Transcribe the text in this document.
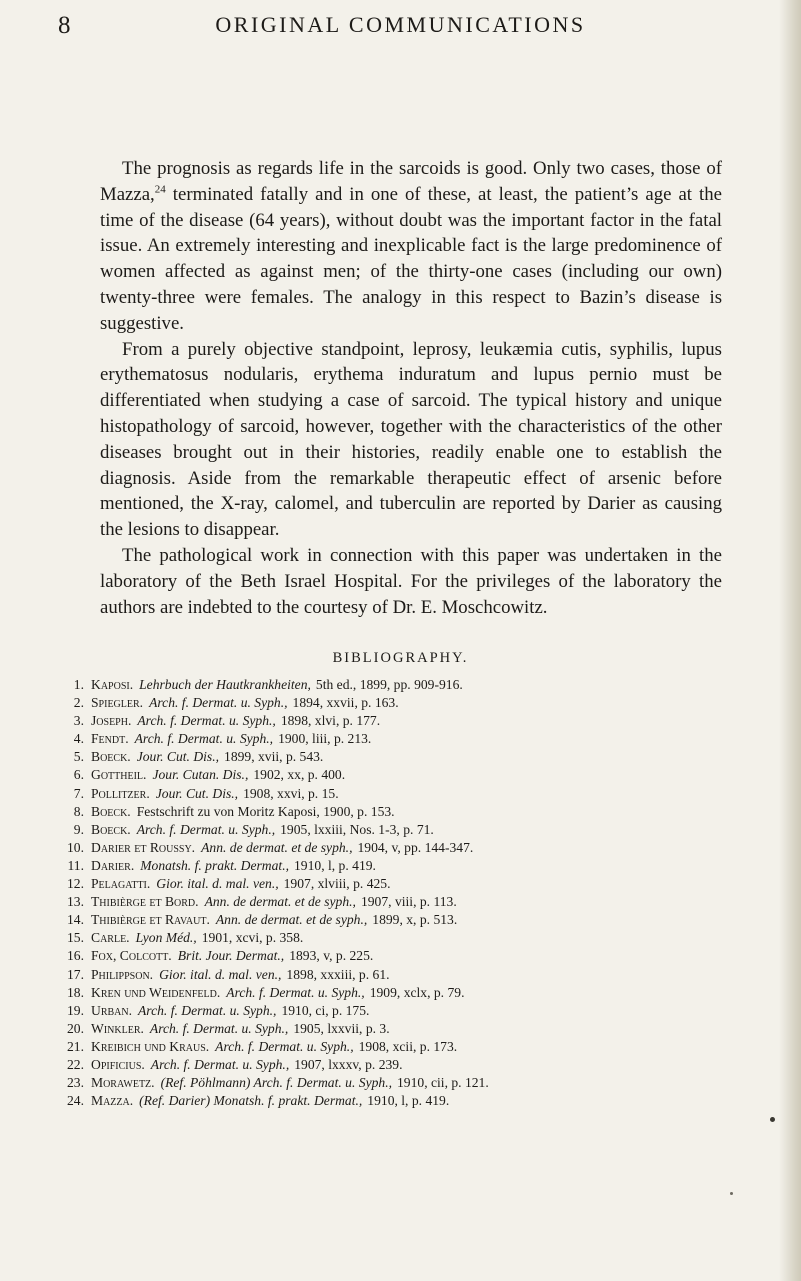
8	ORIGINAL COMMUNICATIONS

The prognosis as regards life in the sarcoids is good. Only two cases, those of Mazza,$^{24}$ terminated fatally and in one of these, at least, the patient’s age at the time of the disease (64 years), without doubt was the important factor in the fatal issue. An extremely interesting and inexplicable fact is the large predominence of women affected as against men; of the thirty-one cases (including our own) twenty-three were females. The analogy in this respect to Bazin’s disease is suggestive.

From a purely objective standpoint, leprosy, leukæmia cutis, syphilis, lupus erythematosus nodularis, erythema induratum and lupus pernio must be differentiated when studying a case of sarcoid. The typical history and unique histopathology of sarcoid, however, together with the characteristics of the other diseases brought out in their histories, readily enable one to establish the diagnosis. Aside from the remarkable therapeutic effect of arsenic before mentioned, the X-ray, calomel, and tuberculin are reported by Darier as causing the lesions to disappear.

The pathological work in connection with this paper was undertaken in the laboratory of the Beth Israel Hospital. For the privileges of the laboratory the authors are indebted to the courtesy of Dr. E. Moschcowitz.

BIBLIOGRAPHY.
1. Kaposi. Lehrbuch der Hautkrankheiten, 5th ed., 1899, pp. 909-916.
2. Spiegler. Arch. f. Dermat. u. Syph., 1894, xxvii, p. 163.
3. Joseph. Arch. f. Dermat. u. Syph., 1898, xlvi, p. 177.
4. Fendt. Arch. f. Dermat. u. Syph., 1900, liii, p. 213.
5. Boeck. Jour. Cut. Dis., 1899, xvii, p. 543.
6. Gottheil. Jour. Cutan. Dis., 1902, xx, p. 400.
7. Pollitzer. Jour. Cut. Dis., 1908, xxvi, p. 15.
8. Boeck. Festschrift zu von Moritz Kaposi, 1900, p. 153.
9. Boeck. Arch. f. Dermat. u. Syph., 1905, lxxiii, Nos. 1-3, p. 71.
10. Darier et Roussy. Ann. de dermat. et de syph., 1904, v, pp. 144-347.
11. Darier. Monatsh. f. prakt. Dermat., 1910, l, p. 419.
12. Pelagatti. Gior. ital. d. mal. ven., 1907, xlviii, p. 425.
13. Thibièrge et Bord. Ann. de dermat. et de syph., 1907, viii, p. 113.
14. Thibièrge et Ravaut. Ann. de dermat. et de syph., 1899, x, p. 513.
15. Carle. Lyon Méd., 1901, xcvi, p. 358.
16. Fox, Colcott. Brit. Jour. Dermat., 1893, v, p. 225.
17. Philippson. Gior. ital. d. mal. ven., 1898, xxxiii, p. 61.
18. Kren und Weidenfeld. Arch. f. Dermat. u. Syph., 1909, xclx, p. 79.
19. Urban. Arch. f. Dermat. u. Syph., 1910, ci, p. 175.
20. Winkler. Arch. f. Dermat. u. Syph., 1905, lxxvii, p. 3.
21. Kreibich und Kraus. Arch. f. Dermat. u. Syph., 1908, xcii, p. 173.
22. Opificius. Arch. f. Dermat. u. Syph., 1907, lxxxv, p. 239.
23. Morawetz. (Ref. Pöhlmann) Arch. f. Dermat. u. Syph., 1910, cii, p. 121.
24. Mazza. (Ref. Darier) Monatsh. f. prakt. Dermat., 1910, l, p. 419.
